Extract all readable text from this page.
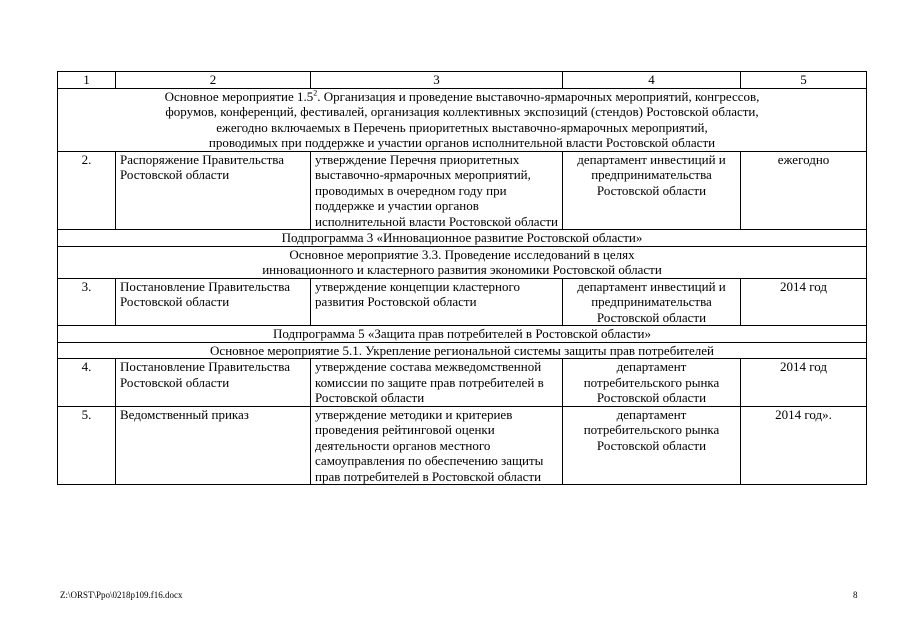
1	2	3	4	5
Основное мероприятие $1.5^2$. Организация и проведение выставочно-ярмарочных мероприятий, конгрессов,
форумов, конференций, фестивалей, организация коллективных экспозиций (стендов) Ростовской области,
ежегодно включаемых в Перечень приоритетных выставочно-ярмарочных мероприятий,
проводимых при поддержке и участии органов исполнительной власти Ростовской области				
2.	Распоряжение Правительства Ростовской области	утверждение Перечня приоритетных выставочно-ярмарочных мероприятий, проводимых в очередном году при поддержке и участии органов исполнительной власти Ростовской области	департамент инвестиций и предпринимательства Ростовской области	ежегодно
Подпрограмма 3 «Инновационное развитие Ростовской области»				
Основное мероприятие 3.3. Проведение исследований в целях
инновационного и кластерного развития экономики Ростовской области				
3.	Постановление Правительства Ростовской области	утверждение концепции кластерного развития Ростовской области	департамент инвестиций и предпринимательства Ростовской области	2014 год
Подпрограмма 5 «Защита прав потребителей в Ростовской области»				
Основное мероприятие 5.1. Укрепление региональной системы защиты прав потребителей				
4.	Постановление Правительства Ростовской области	утверждение состава межведомственной комиссии по защите прав потребителей в Ростовской области	департамент потребительского рынка Ростовской области	2014 год
5.	Ведомственный приказ	утверждение методики и критериев проведения рейтинговой оценки деятельности органов местного самоуправления по обеспечению защиты прав потребителей в Ростовской области	департамент потребительского рынка Ростовской области	2014 год».
Z:\ORST\Ppo\0218p109.f16.docx	8
